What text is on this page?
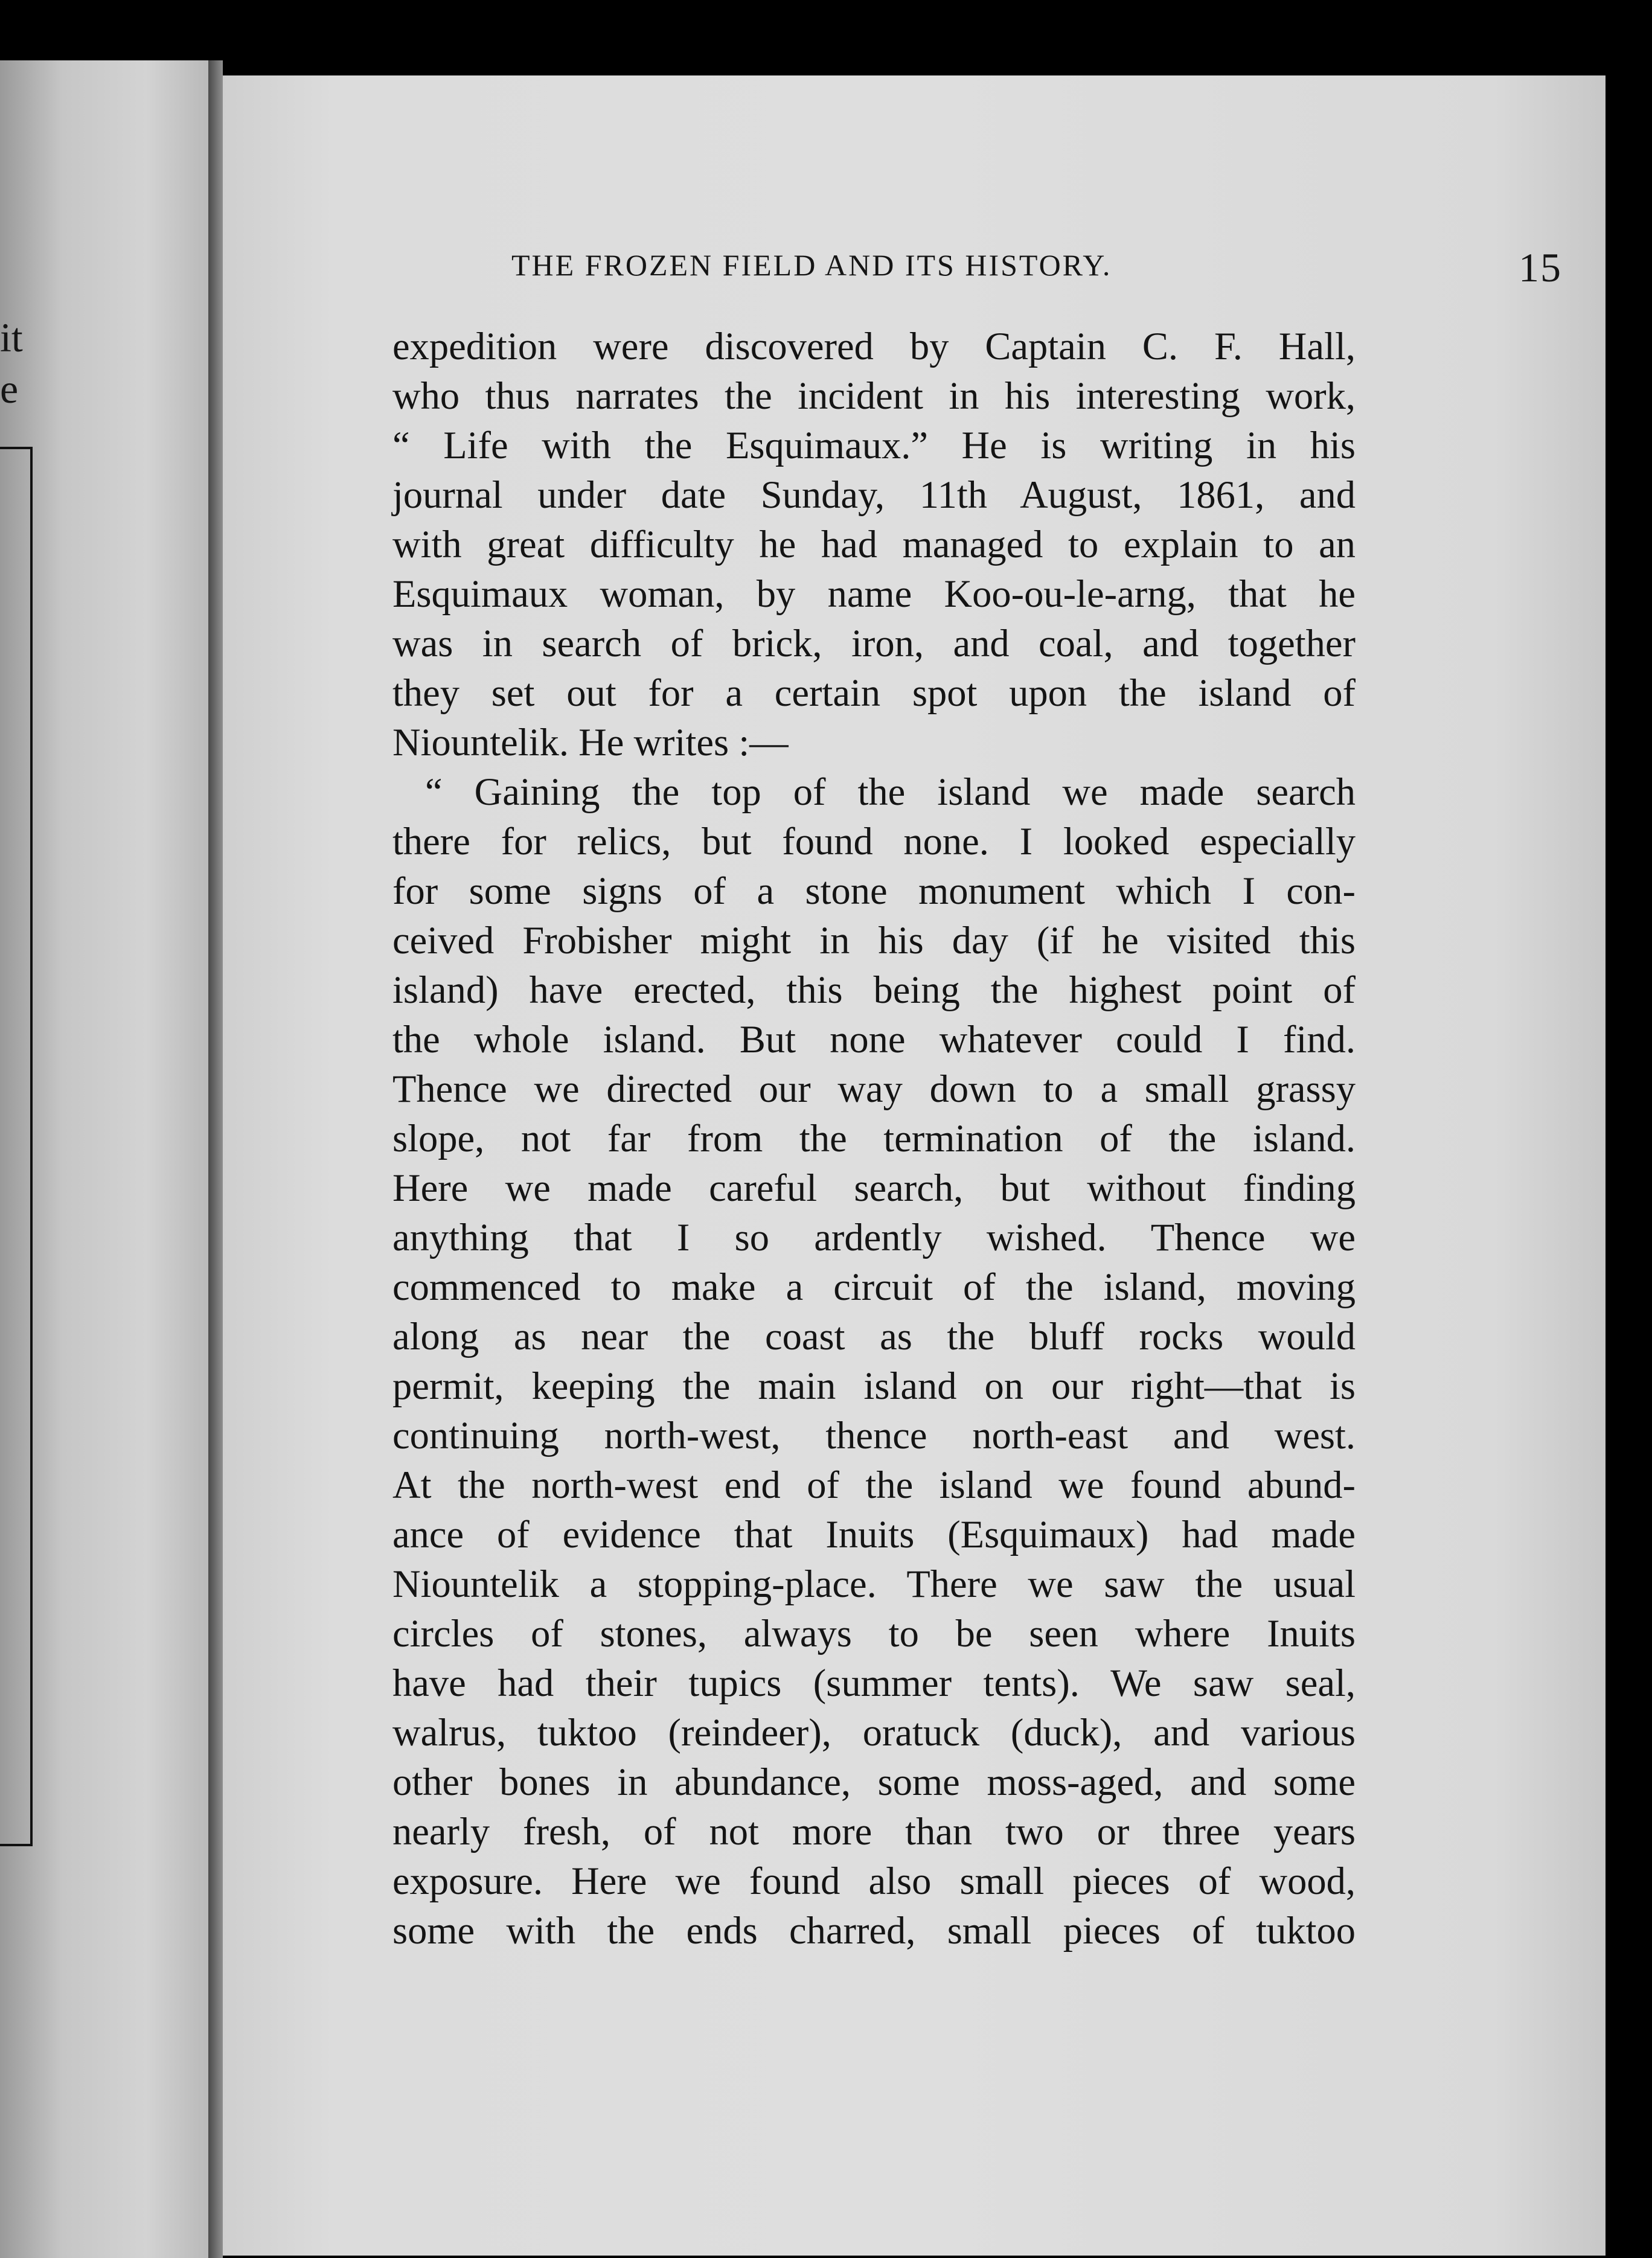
it
e
THE FROZEN FIELD AND ITS HISTORY.	15
expedition were discovered by Captain C. F. Hall,
who thus narrates the incident in his interesting work,
“ Life with the Esquimaux.” He is writing in his
journal under date Sunday, 11th August, 1861, and
with great difficulty he had managed to explain to an
Esquimaux woman, by name Koo-ou-le-arng, that he
was in search of brick, iron, and coal, and together
they set out for a certain spot upon the island of
Niountelik. He writes :—
“ Gaining the top of the island we made search
there for relics, but found none. I looked especially
for some signs of a stone monument which I con-
ceived Frobisher might in his day (if he visited this
island) have erected, this being the highest point of
the whole island. But none whatever could I find.
Thence we directed our way down to a small grassy
slope, not far from the termination of the island.
Here we made careful search, but without finding
anything that I so ardently wished. Thence we
commenced to make a circuit of the island, moving
along as near the coast as the bluff rocks would
permit, keeping the main island on our right—that is
continuing north-west, thence north-east and west.
At the north-west end of the island we found abund-
ance of evidence that Inuits (Esquimaux) had made
Niountelik a stopping-place. There we saw the usual
circles of stones, always to be seen where Inuits
have had their tupics (summer tents). We saw seal,
walrus, tuktoo (reindeer), oratuck (duck), and various
other bones in abundance, some moss-aged, and some
nearly fresh, of not more than two or three years
exposure. Here we found also small pieces of wood,
some with the ends charred, small pieces of tuktoo
